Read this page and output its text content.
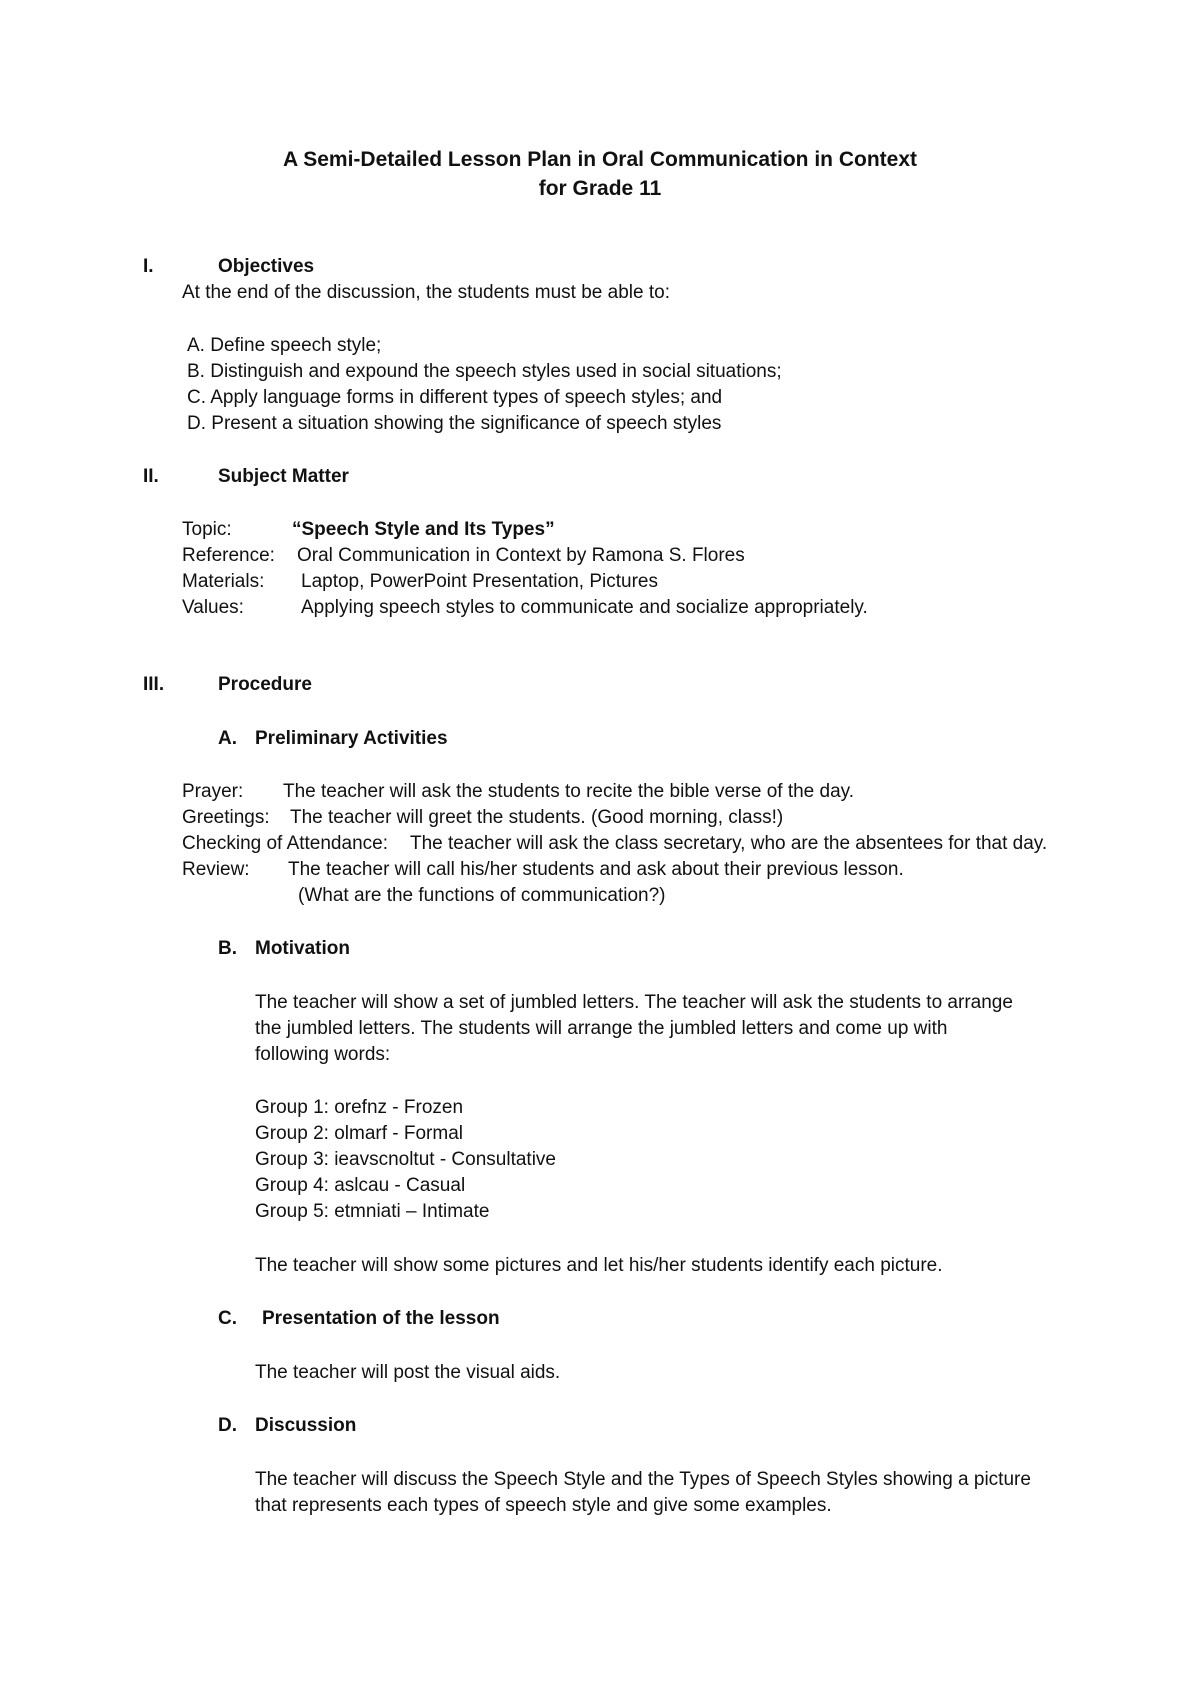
A Semi-Detailed Lesson Plan in Oral Communication in Context
for Grade 11
I.	Objectives
At the end of the discussion, the students must be able to:
A. Define speech style;
B. Distinguish and expound the speech styles used in social situations;
C. Apply language forms in different types of speech styles; and
D. Present a situation showing the significance of speech styles
II.	Subject Matter
Topic:	“Speech Style and Its Types”
Reference: Oral Communication in Context by Ramona S. Flores
Materials: Laptop, PowerPoint Presentation, Pictures
Values:	Applying speech styles to communicate and socialize appropriately.
III.	Procedure
A. Preliminary Activities
Prayer: The teacher will ask the students to recite the bible verse of the day.
Greetings: The teacher will greet the students. (Good morning, class!)
Checking of Attendance: The teacher will ask the class secretary, who are the absentees for that day.
Review: The teacher will call his/her students and ask about their previous lesson.
(What are the functions of communication?)
B. Motivation
The teacher will show a set of jumbled letters. The teacher will ask the students to arrange
the jumbled letters. The students will arrange the jumbled letters and come up with
following words:
Group 1: orefnz - Frozen
Group 2: olmarf - Formal
Group 3: ieavscnoltut - Consultative
Group 4: aslcau - Casual
Group 5: etmniati – Intimate
The teacher will show some pictures and let his/her students identify each picture.
C. Presentation of the lesson
The teacher will post the visual aids.
D. Discussion
The teacher will discuss the Speech Style and the Types of Speech Styles showing a picture
that represents each types of speech style and give some examples.
